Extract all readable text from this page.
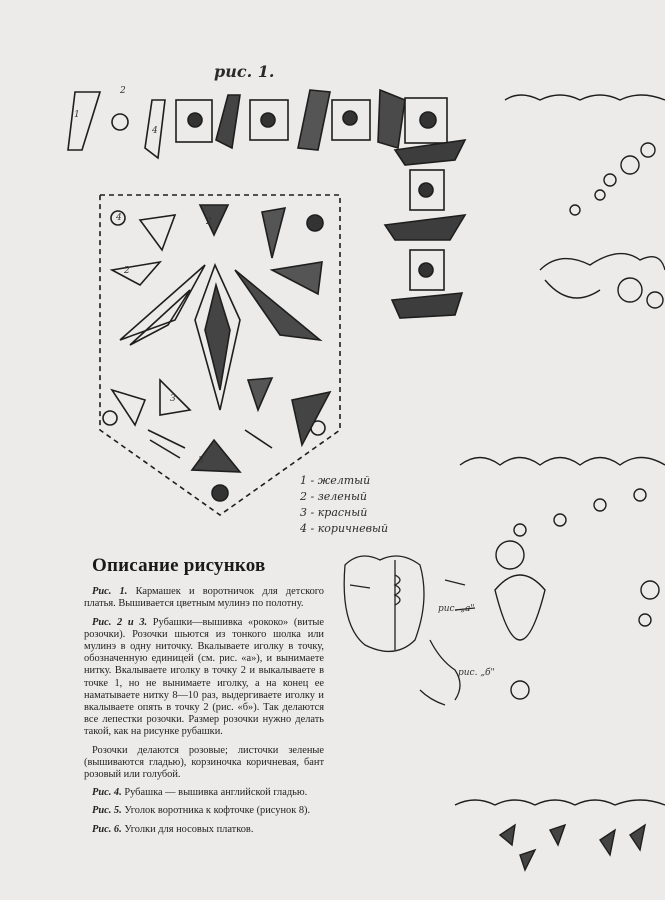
рис. 1.
2
1
4
4
2
2
3
3
1 - желтый
2 - зеленый
3 - красный
4 - коричневый
рис. „а"
рис. „б"
Описание рисунков

Рис. 1. Кармашек и воротничок для детского платья. Вышивается цветным мулинэ по полотну.

Рис. 2 и 3. Рубашки—вышивка «рококо» (витые розочки). Розочки шьются из тонкого шолка или мулинэ в одну ниточку. Вкалываете иголку в точку, обозначенную единицей (см. рис. «а»), и вынимаете нитку. Вкалываете иголку в точку 2 и выкалываете в точке 1, но не вынимаете иголку, а на конец ее наматываете нитку 8—10 раз, выдергиваете иголку и вкалываете опять в точку 2 (рис. «б»). Так делаются все лепестки розочки. Размер розочки нужно делать такой, как на рисунке рубашки.

Розочки делаются розовые; листочки зеленые (вышиваются гладью), корзиночка коричневая, бант розовый или голубой.

Рис. 4. Рубашка — вышивка английской гладью.

Рис. 5. Уголок воротника к кофточке (рисунок 8).

Рис. 6. Уголки для носовых платков.
